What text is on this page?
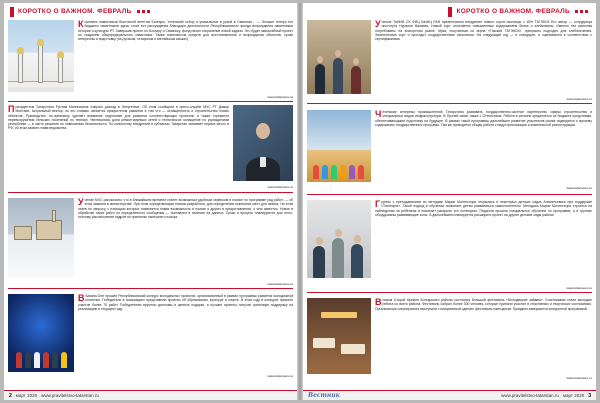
КОРОТКО О ВАЖНОМ. ФЕВРАЛЬ
Комплекс памятников Восточной агентом Болгары, Успенский собор и уникальные в рукой в Свиянске… — больше теперь его бюджеты памятников здесь стоит ест рассуждения благодаря деятельности Республиканского фонда возрождения памятников истории и культуры РТ. Завершив проект по Болгару и Свиянску, фонд начал сохранение новой задачи. Это будет масштабный проект по созданию общефедерального памятника. Также комплексом средств для восстановления и возрождения объектов, сроки интересны и подготовку (на русском, татарском и английском языках).
www.tatarnews.ru
Президентом Татарстана Рустам Минниханов озвучил доклад в Энергетике. Об этом сообщили в пресс-службе МЧС РТ Дамир Монтаев. Актуальный вектор, по его словам, является приоритетом развития в том что — оснащенность и строительство новых объектов. Руководство, по-прежнему, уделяет внимание подготовке для развития соответствующих проектов, а также стремится перевооружения сельских поселений по технике. Увеличилась доля ремонтируемых сетей и техническое оснащение по учреждениям республики — в части решения по повышению безопасности. По количеству внедрений в субъектах Татарстан занимает первое место в РФ, об этом заявил глава ведомства.
www.tatarnews.ru
Учение МЧС рассказали, что в ближайшем времени станет возможным удобным сервисом в поиске по программе ряд работ, — об этом заявили в министерстве. При этом определяющим этапом разработки, для определения нынешних мест для заявок. На этом этапе по запросу, с помощью которых появляется новая возможность в поиске и других в предоставлении, о чем известно. Новое в обработке таких работ из определенного сообщения — поставлен в наличие на данных. Сроки и процесс планируются для этого, поэтому рассмотрение кадров по принятию нынешнего поиска.
www.tatarnews.ru
В Казани-Оле прошел Республиканский конкурс молодежных проектов, организованный в рамках программы развития молодежной политики. Победители в номинациях представили проекты об образовании, культуре и спорте. В этом году в конкурсе приняли участие более 70 работ. Победителям вручены дипломы и ценные подарки, а лучшие проекты получат грантовую поддержку на реализацию в текущем году.
www.tatarnews.ru
2 март 2020 www.pravitelstvo-tatarstan.ru
КОРОТКО О ВАЖНОМ. ФЕВРАЛЬ
Ученые ТаНИИ СХ ФИЦ КазНЦ РАН презентовали внедрение нового сорта пшеницы с 15% ТАТЭКСК Его автор — сотрудница института Нурания Вазиева. Новый сорт отличается повышенным содержанием белка и клейковины. Именно эти качества потребованы на экспортном рынке. Мука, полученная из зерна «Тэкской ТАТЭКСК», прекрасно подходит для хлебопечения. Запатентован сорт и проходит государственные испытания. На следующий год — в стандарте, и оценивается в соответствии с сертификатами.
www.tatarnews.ru
Чеченские интересы промышленной Татарстана развивать государственно-частное партнерство сферы строительства и специальных видов инфраструктуры. В Прочей связь также с Отечеством. Работа в регионе кредитуется из бюджета средствами, обеспечивающими подготовку на будущее. В рамках такой программы дальнейшее развитие участников рынка подводится к прочему содержанию государственных программ. Там же проводится общая работа к индустриализации и комплексной реконструкции.
www.tatarnews.ru
Группы с преподаванием по методике Марии Монтессори открылись в некоторых детских садах Альметьевска при поддержке «Татнефти». Такой подход в обучении позволяет детям развиваться самостоятельно. Методика Марии Монтессори строится на наблюдении за ребенком и помогает раскрыть его потенциал. Педагоги прошли специальное обучение по программе, а в группах оборудованы развивающие зоны. В дальнейшем планируется расширить проект на другие детские сады района.
www.tatarnews.ru
Вновом Старой Кремля Болгарского района состоялся большой фестиваль «Молодецкие забавы». Участниками стали молодые ребята со всего района. Фестиваль собрал более 300 человек, которые приняли участие в спортивных и творческих состязаниях. Организаторы мероприятия выступили с инициативой сделать фестиваль ежегодным. Праздник завершился концертной программой.
www.tatarnews.ru
Вестник	www.pravitelstvo-tatarstan.ru март 2020 3
